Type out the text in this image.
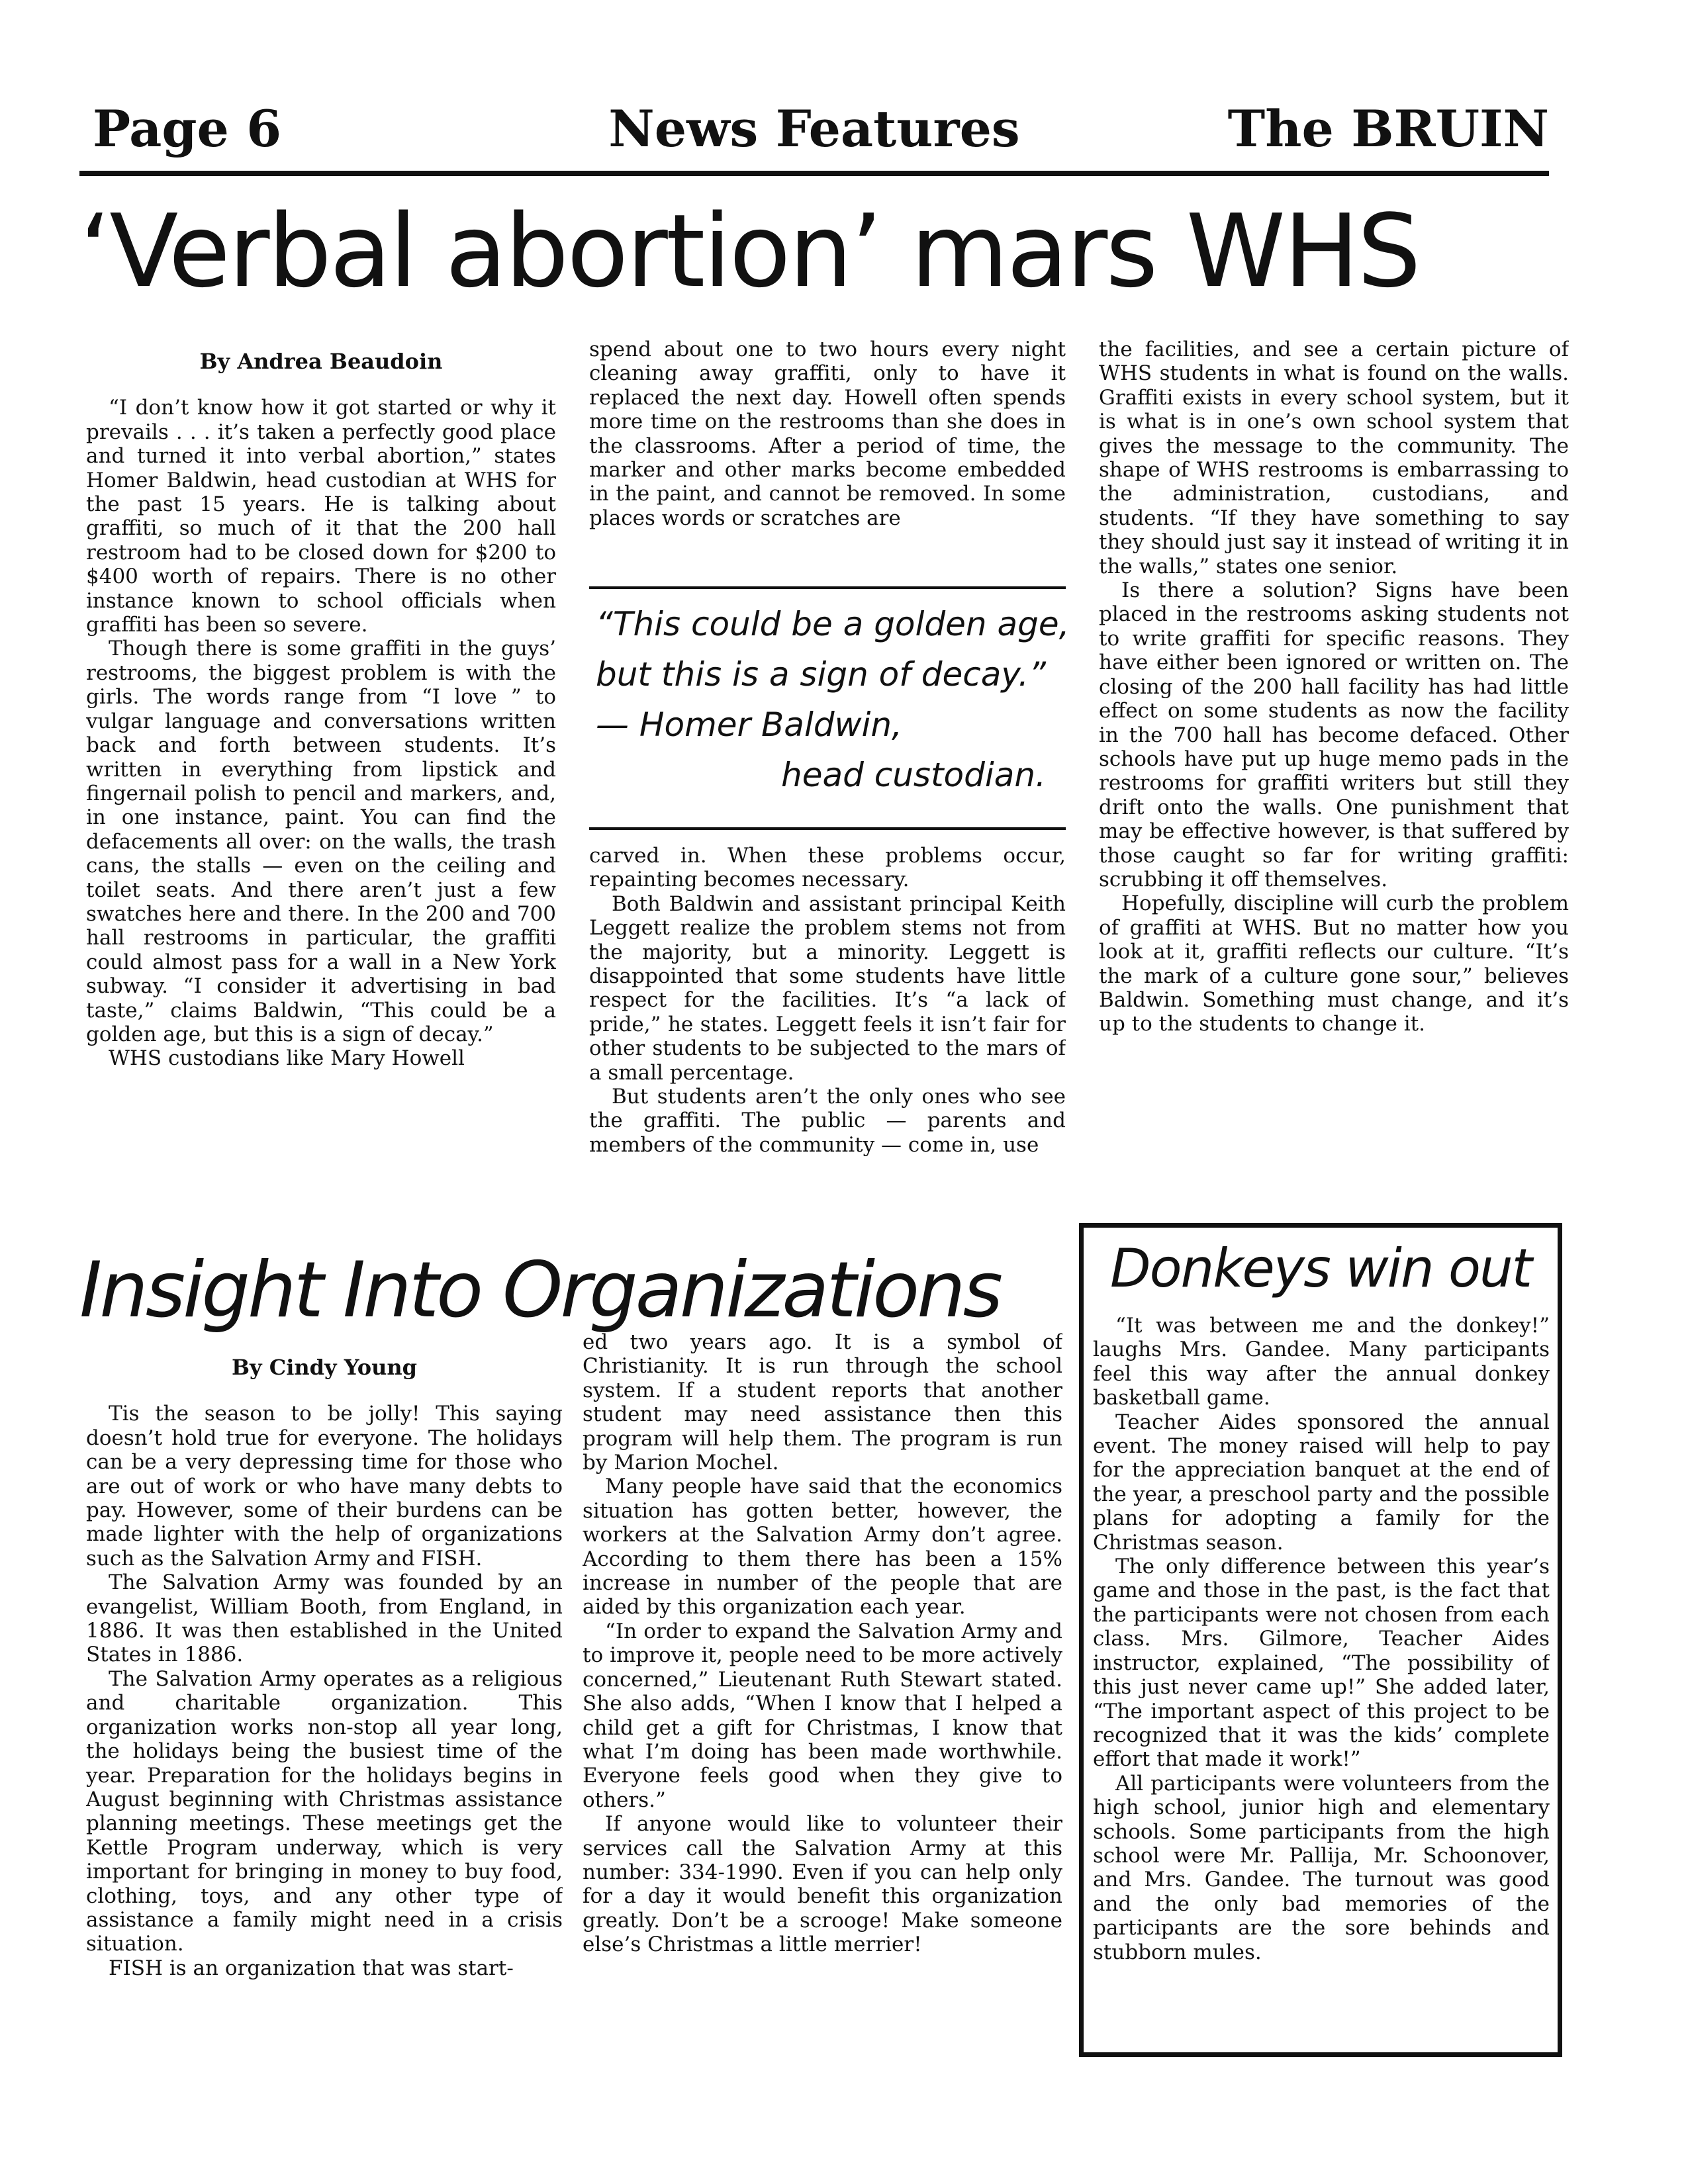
News Features
Page 6	The BRUIN
‘Verbal abortion’ mars WHS
By Andrea Beaudoin

“I don’t know how it got started or why it prevails . . . it’s taken a perfectly good place and turned it into verbal abortion,” states Homer Baldwin, head custodian at WHS for the past 15 years. He is talking about graffiti, so much of it that the 200 hall restroom had to be closed down for $200 to $400 worth of repairs. There is no other instance known to school officials when graffiti has been so severe.

Though there is some graffiti in the guys’ restrooms, the biggest problem is with the girls. The words range from “I love ” to vulgar language and conversations written back and forth between students. It’s written in everything from lipstick and fingernail polish to pencil and markers, and, in one instance, paint. You can find the defacements all over: on the walls, the trash cans, the stalls — even on the ceiling and toilet seats. And there aren’t just a few swatches here and there. In the 200 and 700 hall restrooms in particular, the graffiti could almost pass for a wall in a New York subway. “I consider it advertising in bad taste,” claims Baldwin, “This could be a golden age, but this is a sign of decay.”

WHS custodians like Mary Howell

spend about one to two hours every night cleaning away graffiti, only to have it replaced the next day. Howell often spends more time on the restrooms than she does in the classrooms. After a period of time, the marker and other marks become embedded in the paint, and cannot be removed. In some places words or scratches are

“This could be a golden age,
but this is a sign of decay.”
— Homer Baldwin,
head custodian.

carved in. When these problems occur, repainting becomes necessary.

Both Baldwin and assistant principal Keith Leggett realize the problem stems not from the majority, but a minority. Leggett is disappointed that some students have little respect for the facilities. It’s “a lack of pride,” he states. Leggett feels it isn’t fair for other students to be subjected to the mars of a small percentage.

But students aren’t the only ones who see the graffiti. The public — parents and members of the community — come in, use

the facilities, and see a certain picture of WHS students in what is found on the walls. Graffiti exists in every school system, but it is what is in one’s own school system that gives the message to the community. The shape of WHS restrooms is embarrassing to the administration, custodians, and students. “If they have something to say they should just say it instead of writing it in the walls,” states one senior.

Is there a solution? Signs have been placed in the restrooms asking students not to write graffiti for specific reasons. They have either been ignored or written on. The closing of the 200 hall facility has had little effect on some students as now the facility in the 700 hall has become defaced. Other schools have put up huge memo pads in the restrooms for graffiti writers but still they drift onto the walls. One punishment that may be effective however, is that suffered by those caught so far for writing graffiti: scrubbing it off themselves.

Hopefully, discipline will curb the problem of graffiti at WHS. But no matter how you look at it, graffiti reflects our culture. “It’s the mark of a culture gone sour,” believes Baldwin. Something must change, and it’s up to the students to change it.

Insight Into Organizations
By Cindy Young

Tis the season to be jolly! This saying doesn’t hold true for everyone. The holidays can be a very depressing time for those who are out of work or who have many debts to pay. However, some of their burdens can be made lighter with the help of organizations such as the Salvation Army and FISH.

The Salvation Army was founded by an evangelist, William Booth, from England, in 1886. It was then established in the United States in 1886.

The Salvation Army operates as a religious and charitable organization. This organization works non-stop all year long, the holidays being the busiest time of the year. Preparation for the holidays begins in August beginning with Christmas assistance planning meetings. These meetings get the Kettle Program underway, which is very important for bringing in money to buy food, clothing, toys, and any other type of assistance a family might need in a crisis situation.

FISH is an organization that was start-

ed two years ago. It is a symbol of Christianity. It is run through the school system. If a student reports that another student may need assistance then this program will help them. The program is run by Marion Mochel.

Many people have said that the economics situation has gotten better, however, the workers at the Salvation Army don’t agree. According to them there has been a 15% increase in number of the people that are aided by this organization each year.

“In order to expand the Salvation Army and to improve it, people need to be more actively concerned,” Lieutenant Ruth Stewart stated. She also adds, “When I know that I helped a child get a gift for Christmas, I know that what I’m doing has been made worthwhile. Everyone feels good when they give to others.”

If anyone would like to volunteer their services call the Salvation Army at this number: 334-1990. Even if you can help only for a day it would benefit this organization greatly. Don’t be a scrooge! Make someone else’s Christmas a little merrier!

Donkeys win out

“It was between me and the donkey!” laughs Mrs. Gandee. Many participants feel this way after the annual donkey basketball game.

Teacher Aides sponsored the annual event. The money raised will help to pay for the appreciation banquet at the end of the year, a preschool party and the possible plans for adopting a family for the Christmas season.

The only difference between this year’s game and those in the past, is the fact that the participants were not chosen from each class. Mrs. Gilmore, Teacher Aides instructor, explained, “The possibility of this just never came up!” She added later, “The important aspect of this project to be recognized that it was the kids’ complete effort that made it work!”

All participants were volunteers from the high school, junior high and elementary schools. Some participants from the high school were Mr. Pallija, Mr. Schoonover, and Mrs. Gandee. The turnout was good and the only bad memories of the participants are the sore behinds and stubborn mules.
